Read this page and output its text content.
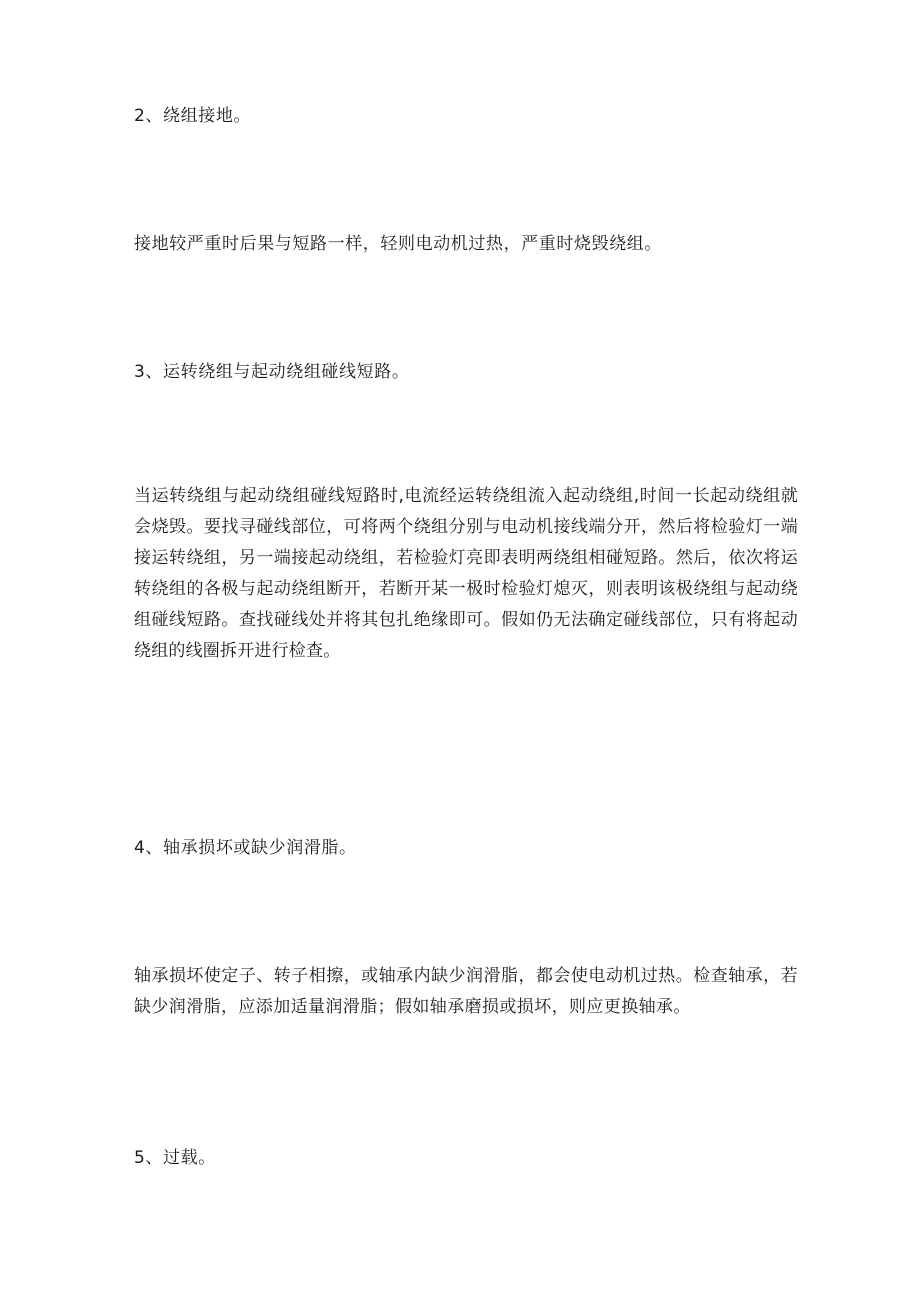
2、绕组接地。

接地较严重时后果与短路一样，轻则电动机过热，严重时烧毁绕组。

3、运转绕组与起动绕组碰线短路。

当运转绕组与起动绕组碰线短路时,电流经运转绕组流入起动绕组,时间一长起动绕组就会烧毁。要找寻碰线部位，可将两个绕组分别与电动机接线端分开，然后将检验灯一端接运转绕组，另一端接起动绕组，若检验灯亮即表明两绕组相碰短路。然后，依次将运转绕组的各极与起动绕组断开，若断开某一极时检验灯熄灭，则表明该极绕组与起动绕组碰线短路。查找碰线处并将其包扎绝缘即可。假如仍无法确定碰线部位，只有将起动绕组的线圈拆开进行检查。

4、轴承损坏或缺少润滑脂。

轴承损坏使定子、转子相擦，或轴承内缺少润滑脂，都会使电动机过热。检查轴承，若缺少润滑脂，应添加适量润滑脂；假如轴承磨损或损坏，则应更换轴承。

5、过载。
